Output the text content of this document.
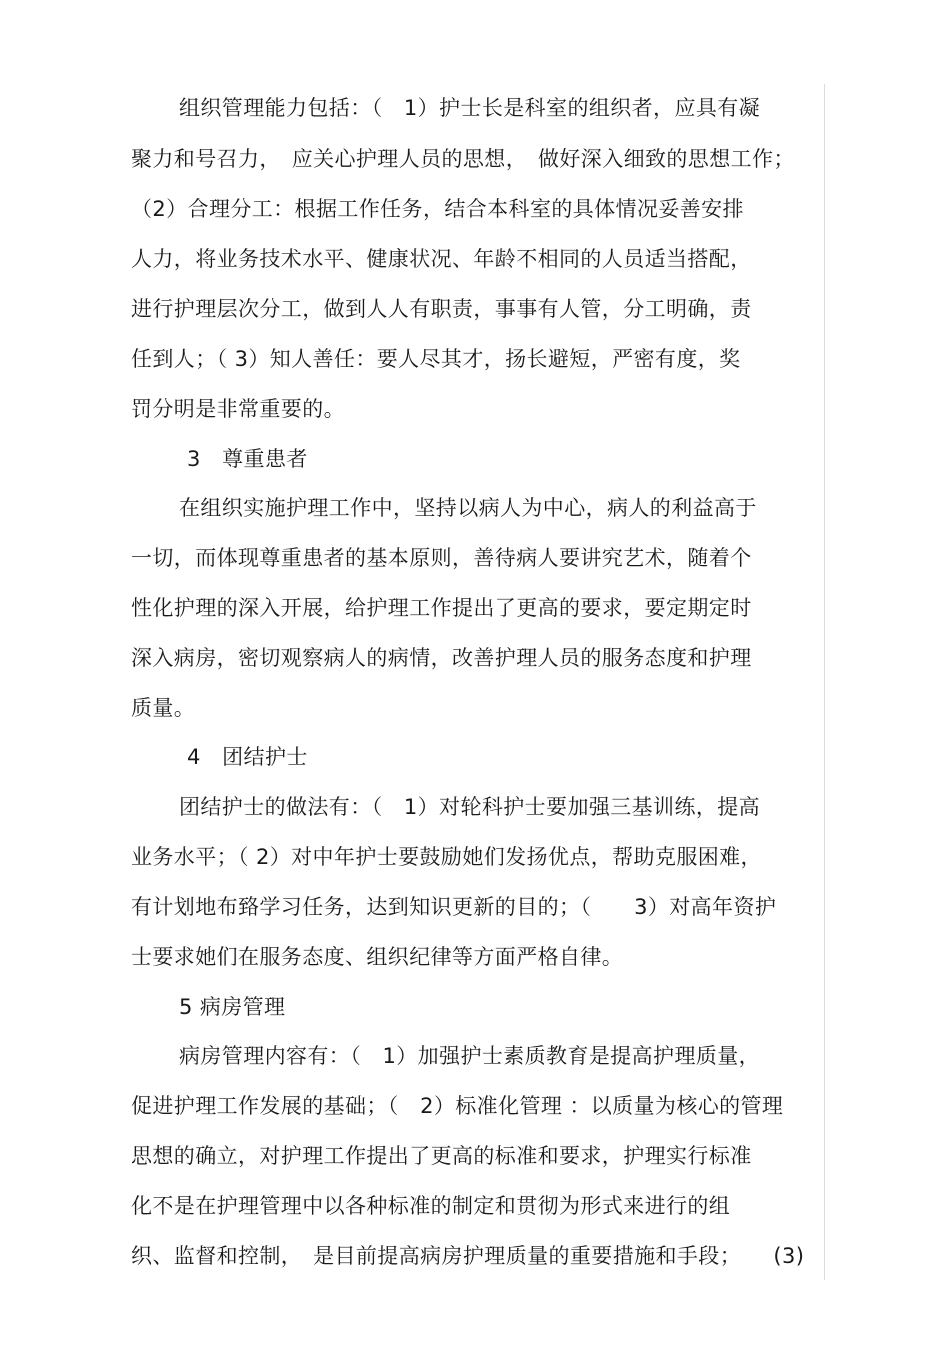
组织管理能力包括：（　1）护士长是科室的组织者，应具有凝
聚力和号召力，　应关心护理人员的思想，　做好深入细致的思想工作；
（2）合理分工：根据工作任务，结合本科室的具体情况妥善安排
人力，将业务技术水平、健康状况、年龄不相同的人员适当搭配，
进行护理层次分工，做到人人有职责，事事有人管，分工明确，责
任到人；（ 3）知人善任：要人尽其才，扬长避短，严密有度，奖
罚分明是非常重要的。
3　尊重患者
在组织实施护理工作中，坚持以病人为中心，病人的利益高于
一切，而体现尊重患者的基本原则，善待病人要讲究艺术，随着个
性化护理的深入开展，给护理工作提出了更高的要求，要定期定时
深入病房，密切观察病人的病情，改善护理人员的服务态度和护理
质量。
4　团结护士
团结护士的做法有：（　1）对轮科护士要加强三基训练，提高
业务水平；（ 2）对中年护士要鼓励她们发扬优点，帮助克服困难，
有计划地布臵学习任务，达到知识更新的目的；（　　3）对高年资护
士要求她们在服务态度、组织纪律等方面严格自律。
5 病房管理
病房管理内容有：（　1）加强护士素质教育是提高护理质量，
促进护理工作发展的基础；（　2）标准化管理 ：以质量为核心的管理
思想的确立，对护理工作提出了更高的标准和要求，护理实行标准
化不是在护理管理中以各种标准的制定和贯彻为形式来进行的组
织、监督和控制，　是目前提高病房护理质量的重要措施和手段；　　(3)
